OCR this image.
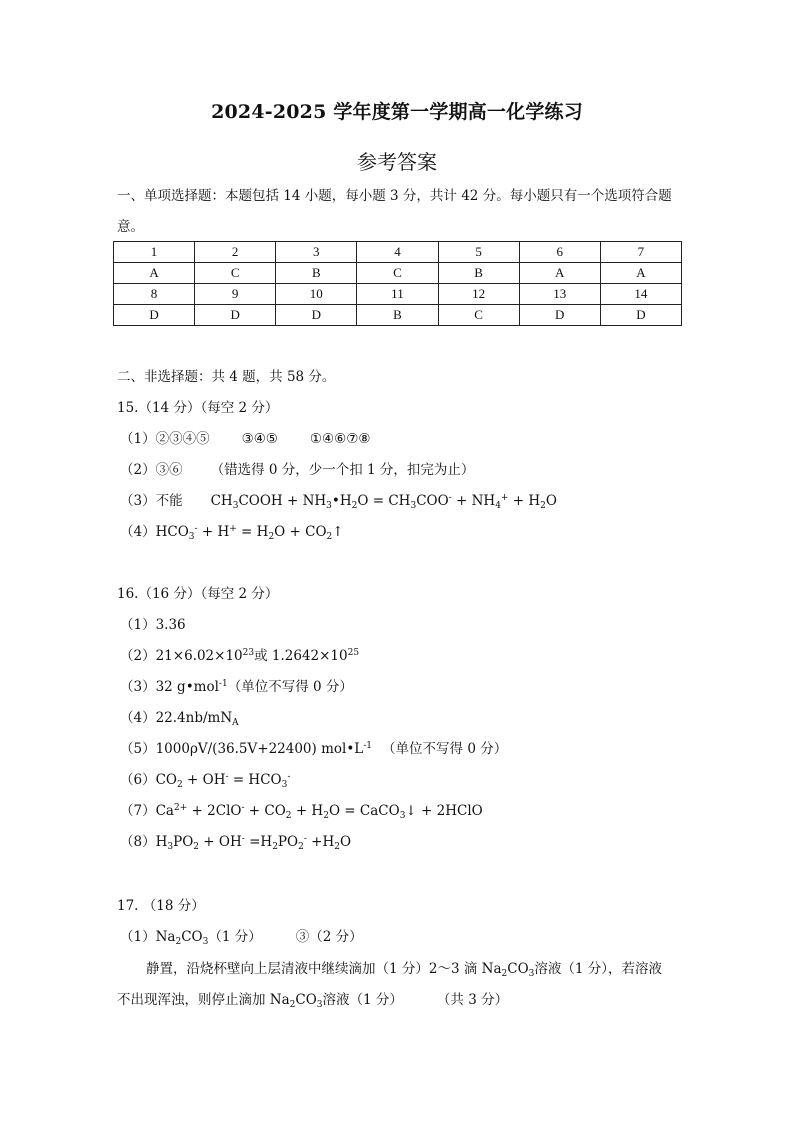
2024-2025 学年度第一学期高一化学练习
参考答案
一、单项选择题：本题包括 14 小题，每小题 3 分，共计 42 分。每小题只有一个选项符合题
意。
1	2	3	4	5	6	7
A	C	B	C	B	A	A
8	9	10	11	12	13	14
D	D	D	B	C	D	D
二、非选择题：共 4 题，共 58 分。
15.（14 分）（每空 2 分）
（1）②③④⑤ ③④⑤ ①④⑥⑦⑧
（2）③⑥ （错选得 0 分，少一个扣 1 分，扣完为止）
（3）不能 $CH_3COOH$ + $NH_3•H_2O = CH_3COO^- + NH_4^+ + H_2O$
$(4)HCO_3^- + H^+ = H_2O$ + $CO_2↑$
16.（16 分）（每空 2 分）
（1）3.36
$(2)21\times 6.02\times 10^{23}$或 $1.2642\times 10^{25}$
（3）32 g•mol$^{-1}$（单位不写得 0 分）
$(4)22.4nb/mN_A$
（5）1000ρV/(36.5V+22400) $mol•L^{-1}$ （单位不写得 0 分）
$(6)CO_2 + OH^- = HCO_3^-$
$(7)Ca^{2+} + 2ClO^- + CO_2 + H_2O$ = CaCO$_3$↓ + 2HClO
$(8)H_3PO_2 + OH^- =H_2PO_2^- +H_2O$
17. （18 分）
$(1)Na_2CO_3(1$ 分）	③（2 分）
静置，沿烧杯壁向上层清液中继续滴加（1 分）2～3 滴 $Na_2CO_3$溶液（1 分），若溶液
不出现浑浊，则停止滴加 $Na_2CO_3$溶液（1 分）	（共 3 分）
